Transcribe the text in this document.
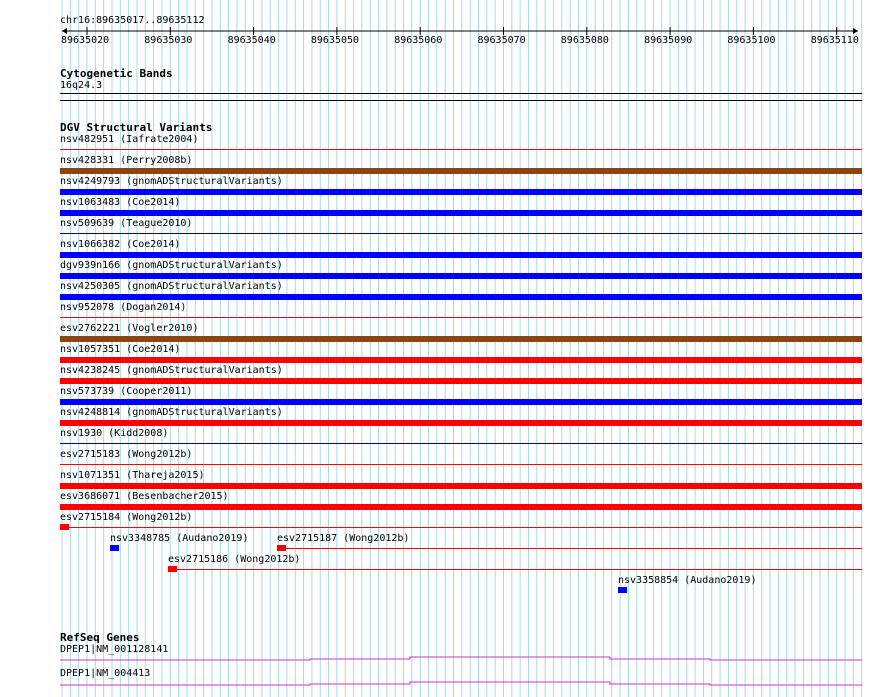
chr16:89635017..89635112
89635020	89635030	89635040	89635050	89635060	89635070	89635080	89635090	89635100	89635110
Cytogenetic Bands
16q24.3
DGV Structural Variants
nsv482951 (Iafrate2004)
nsv428331 (Perry2008b)
nsv4249793 (gnomADStructuralVariants)
nsv1063483 (Coe2014)
nsv509639 (Teague2010)
nsv1066382 (Coe2014)
dgv939n166 (gnomADStructuralVariants)
nsv4250305 (gnomADStructuralVariants)
nsv952078 (Dogan2014)
esv2762221 (Vogler2010)
nsv1057351 (Coe2014)
nsv4238245 (gnomADStructuralVariants)
nsv573739 (Cooper2011)
nsv4248814 (gnomADStructuralVariants)
nsv1930 (Kidd2008)
esv2715183 (Wong2012b)
nsv1071351 (Thareja2015)
esv3686071 (Besenbacher2015)
esv2715184 (Wong2012b)
nsv3348785 (Audano2019)	esv2715187 (Wong2012b)
esv2715186 (Wong2012b)
nsv3358854 (Audano2019)
RefSeq Genes
DPEP1|NM_001128141
DPEP1|NM_004413
